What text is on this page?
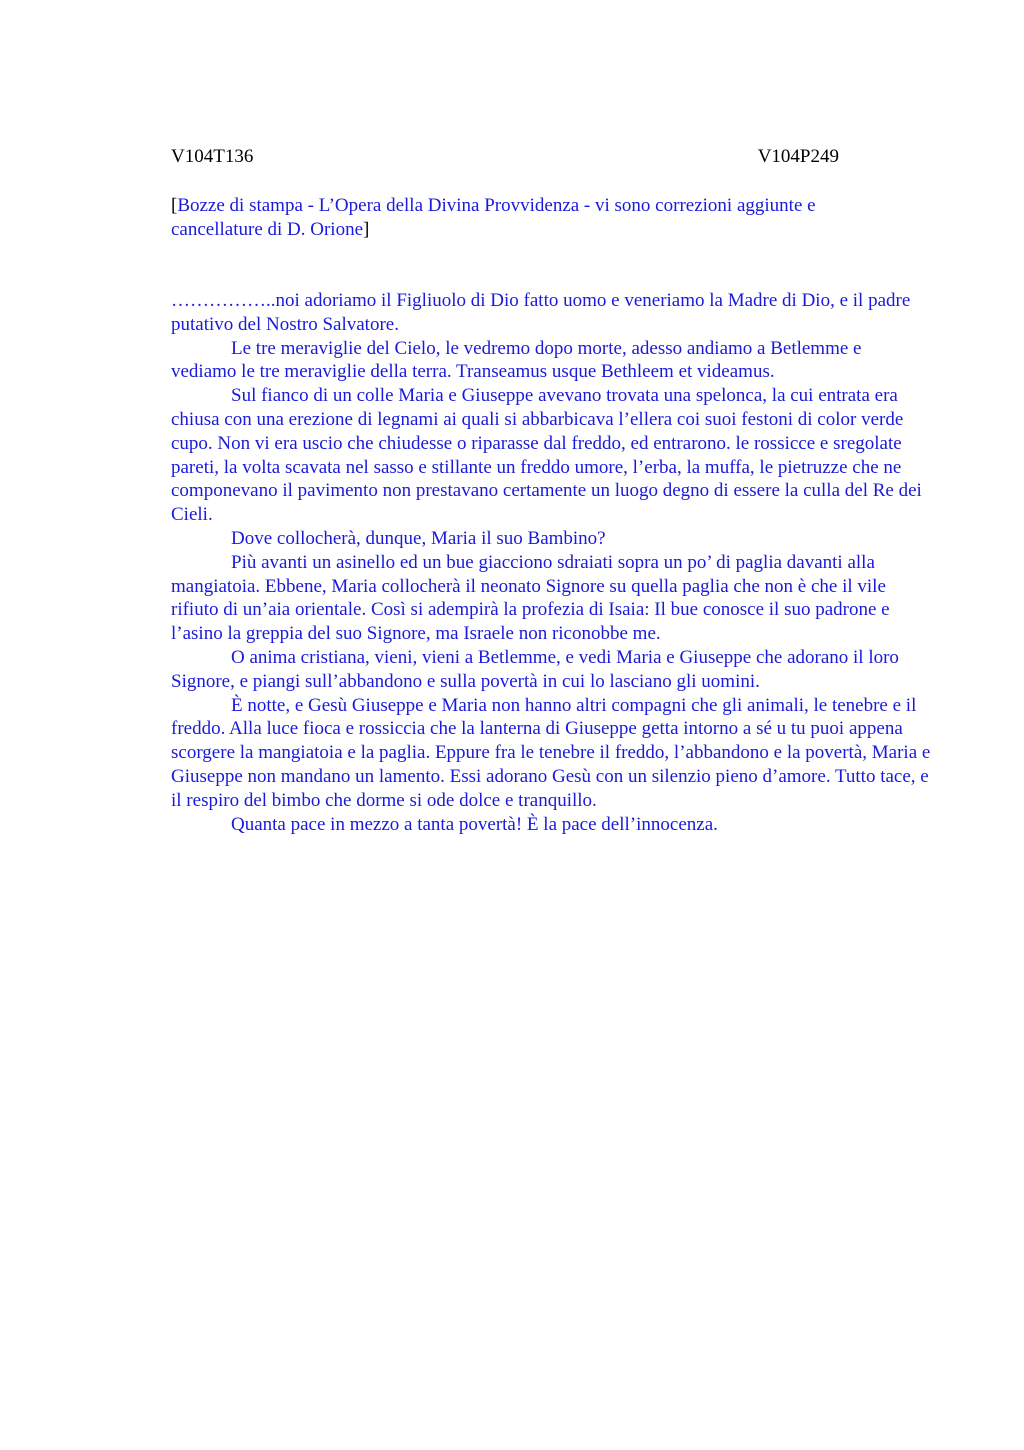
V104T136	V104P249
[Bozze di stampa - L’Opera della Divina Provvidenza - vi sono correzioni aggiunte e cancellature di D. Orione]

……………..noi adoriamo il Figliuolo di Dio fatto uomo e veneriamo la Madre di Dio, e il padre putativo del Nostro Salvatore.

Le tre meraviglie del Cielo, le vedremo dopo morte, adesso andiamo a Betlemme e vediamo le tre meraviglie della terra. Transeamus usque Bethleem et videamus.

Sul fianco di un colle Maria e Giuseppe avevano trovata una spelonca, la cui entrata era chiusa con una erezione di legnami ai quali si abbarbicava l’ellera coi suoi festoni di color verde cupo. Non vi era uscio che chiudesse o riparasse dal freddo, ed entrarono. le rossicce e sregolate pareti, la volta scavata nel sasso e stillante un freddo umore, l’erba, la muffa, le pietruzze che ne componevano il pavimento non prestavano certamente un luogo degno di essere la culla del Re dei Cieli.

Dove collocherà, dunque, Maria il suo Bambino?

Più avanti un asinello ed un bue giacciono sdraiati sopra un po’ di paglia davanti alla mangiatoia. Ebbene, Maria collocherà il neonato Signore su quella paglia che non è che il vile rifiuto di un’aia orientale. Così si adempirà la profezia di Isaia: Il bue conosce il suo padrone e l’asino la greppia del suo Signore, ma Israele non riconobbe me.

O anima cristiana, vieni, vieni a Betlemme, e vedi Maria e Giuseppe che adorano il loro Signore, e piangi sull’abbandono e sulla povertà in cui lo lasciano gli uomini.

È notte, e Gesù Giuseppe e Maria non hanno altri compagni che gli animali, le tenebre e il freddo. Alla luce fioca e rossiccia che la lanterna di Giuseppe getta intorno a sé u tu puoi appena scorgere la mangiatoia e la paglia. Eppure fra le tenebre il freddo, l’abbandono e la povertà, Maria e Giuseppe non mandano un lamento. Essi adorano Gesù con un silenzio pieno d’amore. Tutto tace, e il respiro del bimbo che dorme si ode dolce e tranquillo.

Quanta pace in mezzo a tanta povertà! È la pace dell’innocenza.
